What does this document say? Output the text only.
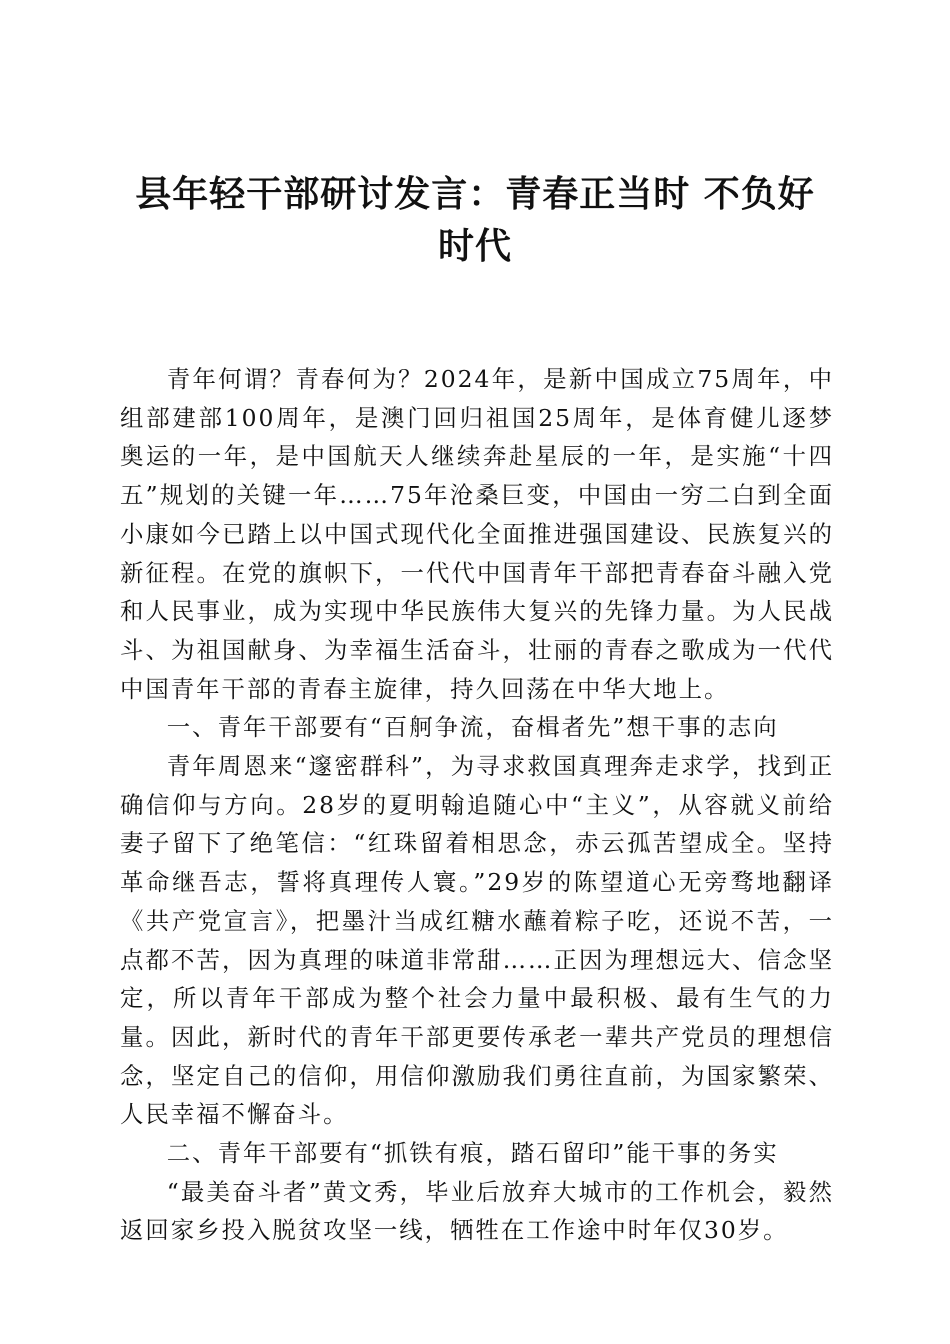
县年轻干部研讨发言：青春正当时 不负好时代

青年何谓？青春何为？2024年，是新中国成立75周年，中组部建部100周年，是澳门回归祖国25周年，是体育健儿逐梦奥运的一年，是中国航天人继续奔赴星辰的一年，是实施“十四五”规划的关键一年……75年沧桑巨变，中国由一穷二白到全面小康如今已踏上以中国式现代化全面推进强国建设、民族复兴的新征程。在党的旗帜下，一代代中国青年干部把青春奋斗融入党和人民事业，成为实现中华民族伟大复兴的先锋力量。为人民战斗、为祖国献身、为幸福生活奋斗，壮丽的青春之歌成为一代代中国青年干部的青春主旋律，持久回荡在中华大地上。

一、青年干部要有“百舸争流，奋楫者先”想干事的志向

青年周恩来“邃密群科”，为寻求救国真理奔走求学，找到正确信仰与方向。28岁的夏明翰追随心中“主义”，从容就义前给妻子留下了绝笔信：“红珠留着相思念，赤云孤苦望成全。坚持革命继吾志，誓将真理传人寰。”29岁的陈望道心无旁骛地翻译《共产党宣言》，把墨汁当成红糖水蘸着粽子吃，还说不苦，一点都不苦，因为真理的味道非常甜……正因为理想远大、信念坚定，所以青年干部成为整个社会力量中最积极、最有生气的力量。因此，新时代的青年干部更要传承老一辈共产党员的理想信念，坚定自己的信仰，用信仰激励我们勇往直前，为国家繁荣、人民幸福不懈奋斗。

二、青年干部要有“抓铁有痕，踏石留印”能干事的务实

“最美奋斗者”黄文秀，毕业后放弃大城市的工作机会，毅然返回家乡投入脱贫攻坚一线，牺牲在工作途中时年仅30岁。
